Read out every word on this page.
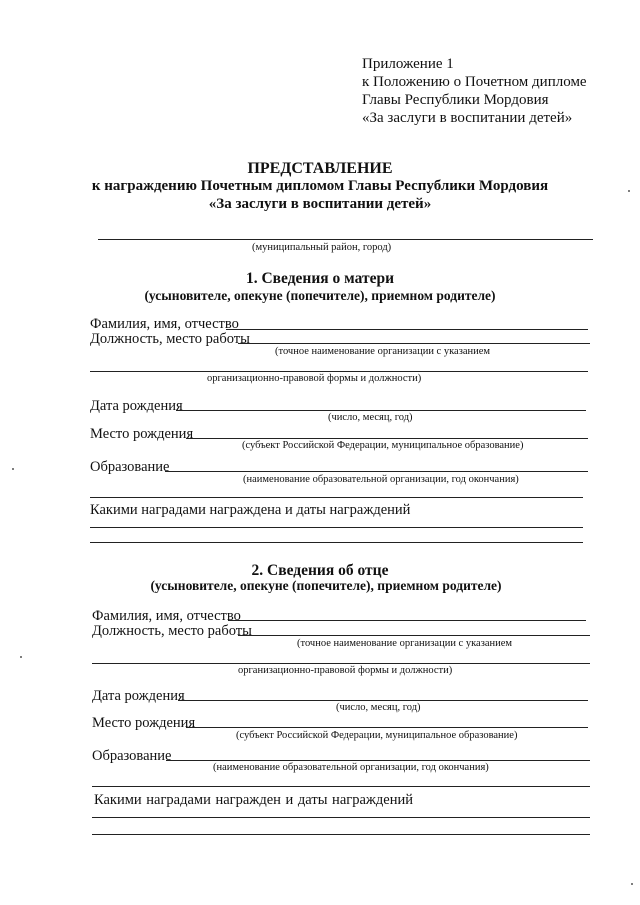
Приложение 1
к Положению о Почетном дипломе
Главы Республики Мордовия
«За заслуги в воспитании детей»
ПРЕДСТАВЛЕНИЕ
к награждению Почетным дипломом Главы Республики Мордовия
«За заслуги в воспитании детей»
(муниципальный район, город)
1. Сведения о матери
(усыновителе, опекуне (попечителе), приемном родителе)
Фамилия, имя, отчество
Должность, место работы
(точное наименование организации с указанием
организационно-правовой формы и должности)
Дата рождения
(число, месяц, год)
Место рождения
(субъект Российской Федерации, муниципальное образование)
Образование
(наименование образовательной организации, год окончания)
Какими наградами награждена и даты награждений
2. Сведения об отце
(усыновителе, опекуне (попечителе), приемном родителе)
Фамилия, имя, отчество
Должность, место работы
(точное наименование организации с указанием
организационно-правовой формы и должности)
Дата рождения
(число, месяц, год)
Место рождения
(субъект Российской Федерации, муниципальное образование)
Образование
(наименование образовательной организации, год окончания)
Какими наградами награжден и даты награждений
